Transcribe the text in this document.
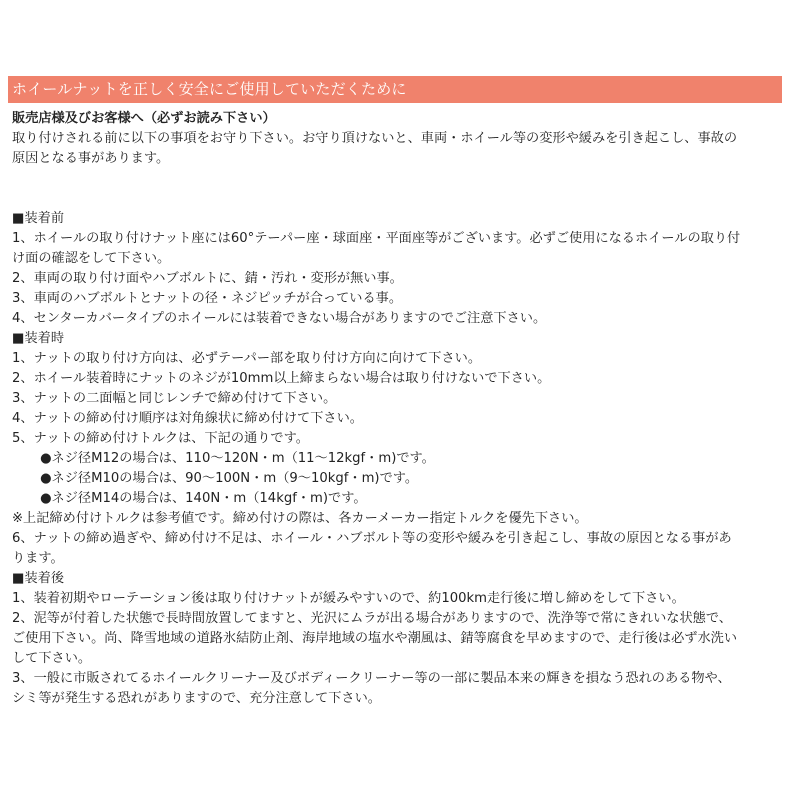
ホイールナットを正しく安全にご使用していただくために
販売店様及びお客様へ（必ずお読み下さい）
取り付けされる前に以下の事項をお守り下さい。お守り頂けないと、車両・ホイール等の変形や緩みを引き起こし、事故の
原因となる事があります。
■装着前
1、ホイールの取り付けナット座には60°テーパー座・球面座・平面座等がございます。必ずご使用になるホイールの取り付
け面の確認をして下さい。
2、車両の取り付け面やハブボルトに、錆・汚れ・変形が無い事。
3、車両のハブボルトとナットの径・ネジピッチが合っている事。
4、センターカバータイプのホイールには装着できない場合がありますのでご注意下さい。
■装着時
1、ナットの取り付け方向は、必ずテーパー部を取り付け方向に向けて下さい。
2、ホイール装着時にナットのネジが10mm以上締まらない場合は取り付けないで下さい。
3、ナットの二面幅と同じレンチで締め付けて下さい。
4、ナットの締め付け順序は対角線状に締め付けて下さい。
5、ナットの締め付けトルクは、下記の通りです。
●ネジ径M12の場合は、110～120N・m（11～12kgf・m)です。
●ネジ径M10の場合は、90～100N・m（9～10kgf・m)です。
●ネジ径M14の場合は、140N・m（14kgf・m)です。
※上記締め付けトルクは参考値です。締め付けの際は、各カーメーカー指定トルクを優先下さい。
6、ナットの締め過ぎや、締め付け不足は、ホイール・ハブボルト等の変形や緩みを引き起こし、事故の原因となる事があ
ります。
■装着後
1、装着初期やローテーション後は取り付けナットが緩みやすいので、約100km走行後に増し締めをして下さい。
2、泥等が付着した状態で長時間放置してますと、光沢にムラが出る場合がありますので、洗浄等で常にきれいな状態で、
ご使用下さい。尚、降雪地域の道路氷結防止剤、海岸地域の塩水や潮風は、錆等腐食を早めますので、走行後は必ず水洗い
して下さい。
3、一般に市販されてるホイールクリーナー及びボディークリーナー等の一部に製品本来の輝きを損なう恐れのある物や、
シミ等が発生する恐れがありますので、充分注意して下さい。
